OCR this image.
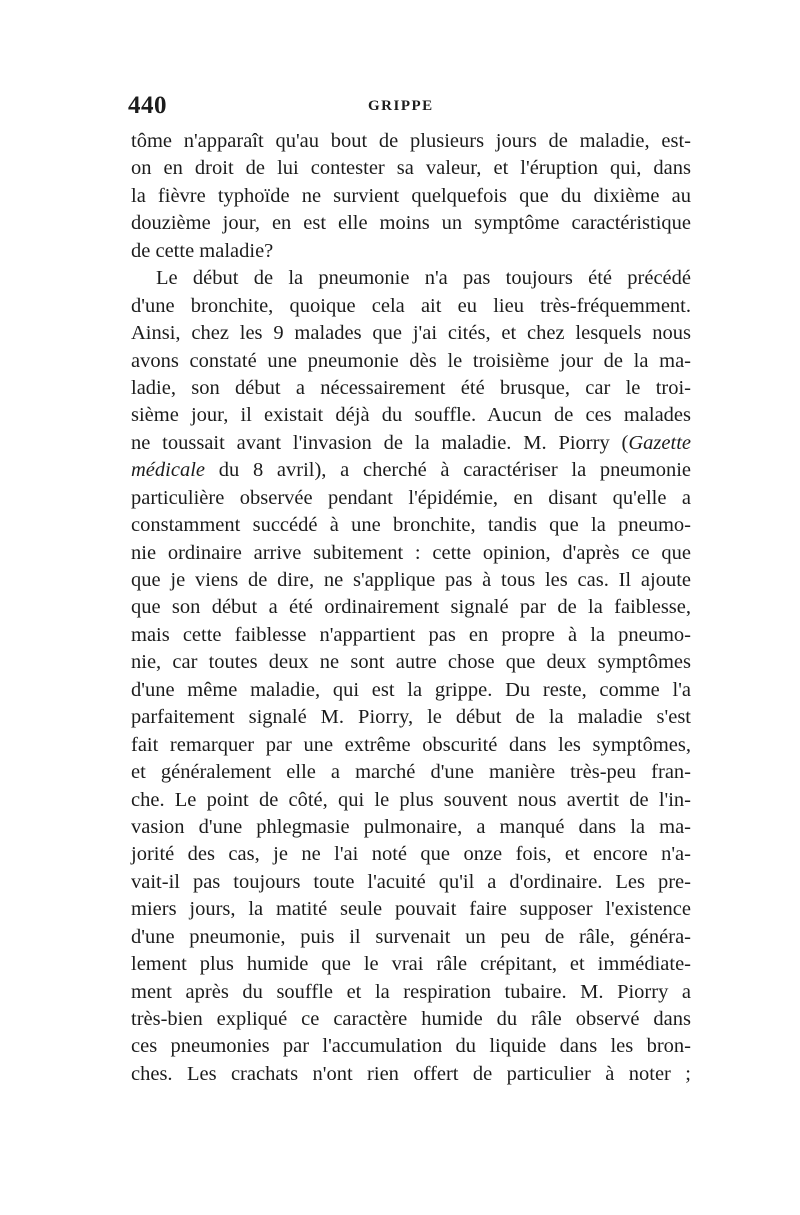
440	GRIPPE
tôme n'apparaît qu'au bout de plusieurs jours de maladie, est-
on en droit de lui contester sa valeur, et l'éruption qui, dans
la fièvre typhoïde ne survient quelquefois que du dixième au
douzième jour, en est elle moins un symptôme caractéristique
de cette maladie?
Le début de la pneumonie n'a pas toujours été précédé
d'une bronchite, quoique cela ait eu lieu très-fréquemment.
Ainsi, chez les 9 malades que j'ai cités, et chez lesquels nous
avons constaté une pneumonie dès le troisième jour de la ma-
ladie, son début a nécessairement été brusque, car le troi-
sième jour, il existait déjà du souffle. Aucun de ces malades
ne toussait avant l'invasion de la maladie. M. Piorry (Gazette
médicale du 8 avril), a cherché à caractériser la pneumonie
particulière observée pendant l'épidémie, en disant qu'elle a
constamment succédé à une bronchite, tandis que la pneumo-
nie ordinaire arrive subitement : cette opinion, d'après ce que
que je viens de dire, ne s'applique pas à tous les cas. Il ajoute
que son début a été ordinairement signalé par de la faiblesse,
mais cette faiblesse n'appartient pas en propre à la pneumo-
nie, car toutes deux ne sont autre chose que deux symptômes
d'une même maladie, qui est la grippe. Du reste, comme l'a
parfaitement signalé M. Piorry, le début de la maladie s'est
fait remarquer par une extrême obscurité dans les symptômes,
et généralement elle a marché d'une manière très-peu fran-
che. Le point de côté, qui le plus souvent nous avertit de l'in-
vasion d'une phlegmasie pulmonaire, a manqué dans la ma-
jorité des cas, je ne l'ai noté que onze fois, et encore n'a-
vait-il pas toujours toute l'acuité qu'il a d'ordinaire. Les pre-
miers jours, la matité seule pouvait faire supposer l'existence
d'une pneumonie, puis il survenait un peu de râle, généra-
lement plus humide que le vrai râle crépitant, et immédiate-
ment après du souffle et la respiration tubaire. M. Piorry a
très-bien expliqué ce caractère humide du râle observé dans
ces pneumonies par l'accumulation du liquide dans les bron-
ches. Les crachats n'ont rien offert de particulier à noter ;
